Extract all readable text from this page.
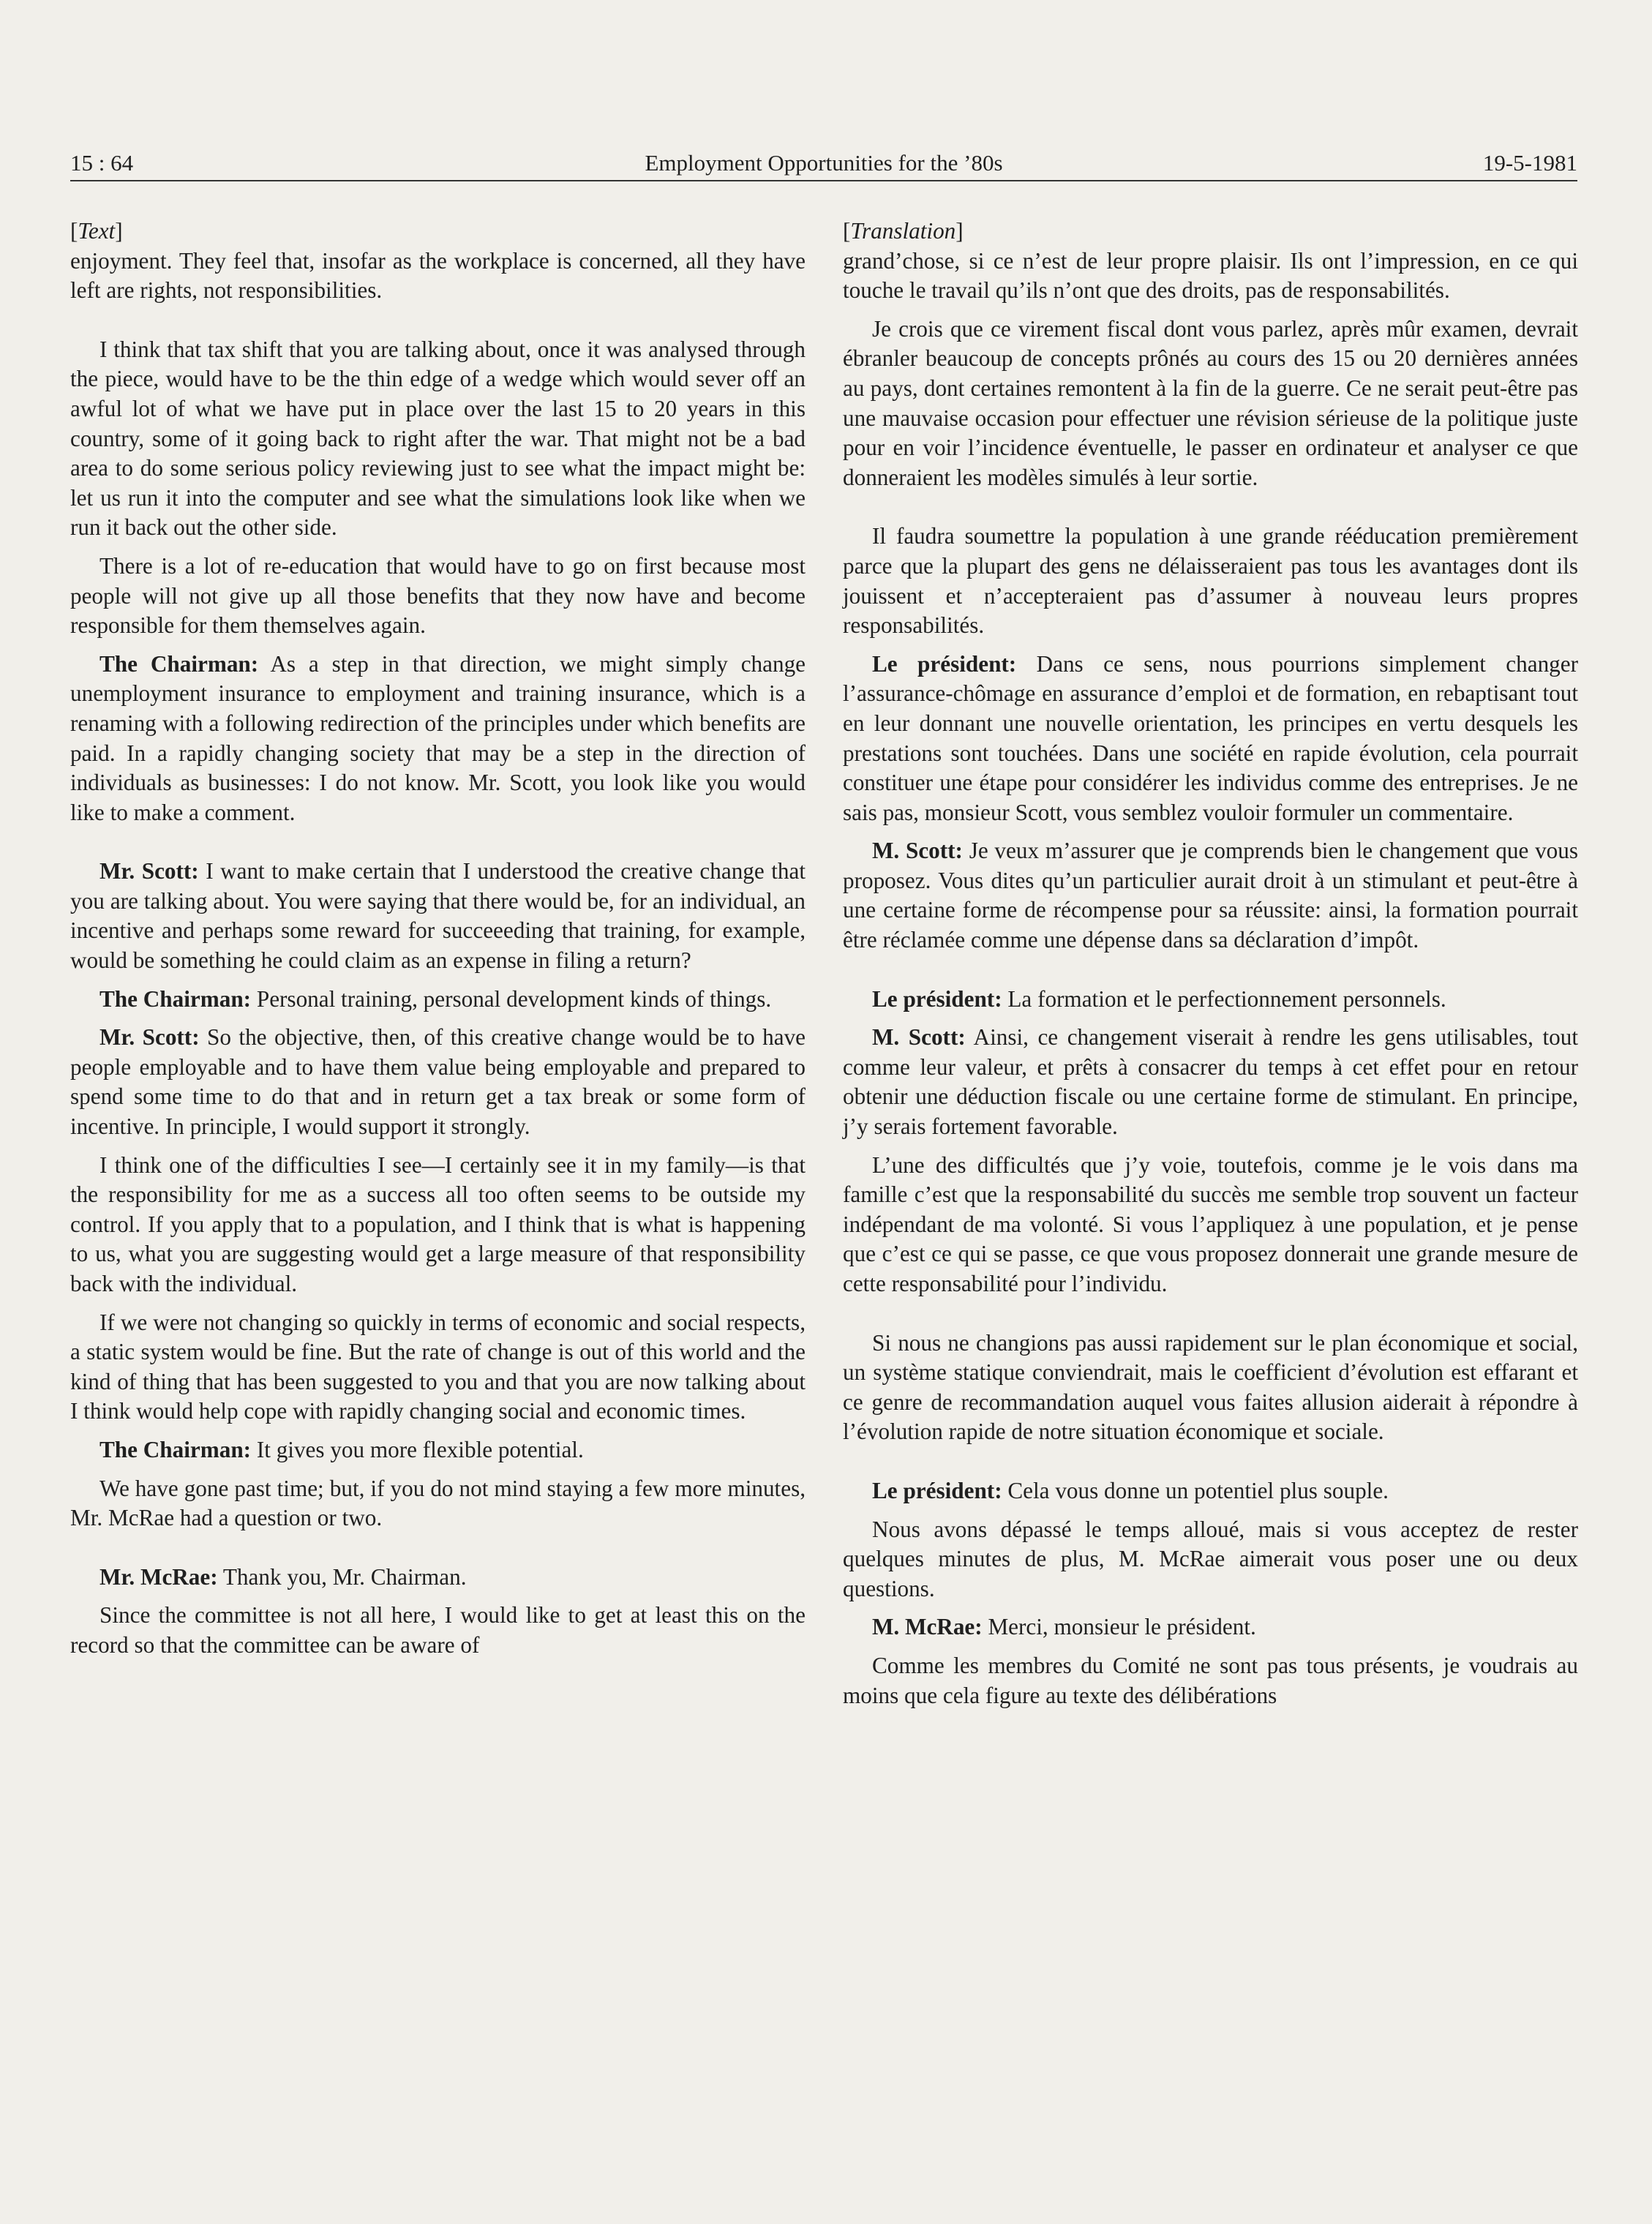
15 : 64	Employment Opportunities for the ’80s	19-5-1981

[Text]

enjoyment. They feel that, insofar as the workplace is concerned, all they have left are rights, not responsibilities.

I think that tax shift that you are talking about, once it was analysed through the piece, would have to be the thin edge of a wedge which would sever off an awful lot of what we have put in place over the last 15 to 20 years in this country, some of it going back to right after the war. That might not be a bad area to do some serious policy reviewing just to see what the impact might be: let us run it into the computer and see what the simulations look like when we run it back out the other side.

There is a lot of re-education that would have to go on first because most people will not give up all those benefits that they now have and become responsible for them themselves again.

The Chairman: As a step in that direction, we might simply change unemployment insurance to employment and training insurance, which is a renaming with a following redirection of the principles under which benefits are paid. In a rapidly changing society that may be a step in the direction of individuals as businesses: I do not know. Mr. Scott, you look like you would like to make a comment.

Mr. Scott: I want to make certain that I understood the creative change that you are talking about. You were saying that there would be, for an individual, an incentive and perhaps some reward for succeeeding that training, for example, would be something he could claim as an expense in filing a return?

The Chairman: Personal training, personal development kinds of things.

Mr. Scott: So the objective, then, of this creative change would be to have people employable and to have them value being employable and prepared to spend some time to do that and in return get a tax break or some form of incentive. In principle, I would support it strongly.

I think one of the difficulties I see—I certainly see it in my family—is that the responsibility for me as a success all too often seems to be outside my control. If you apply that to a population, and I think that is what is happening to us, what you are suggesting would get a large measure of that responsibility back with the individual.

If we were not changing so quickly in terms of economic and social respects, a static system would be fine. But the rate of change is out of this world and the kind of thing that has been suggested to you and that you are now talking about I think would help cope with rapidly changing social and economic times.

The Chairman: It gives you more flexible potential.

We have gone past time; but, if you do not mind staying a few more minutes, Mr. McRae had a question or two.

Mr. McRae: Thank you, Mr. Chairman.

Since the committee is not all here, I would like to get at least this on the record so that the committee can be aware of

[Translation]

grand’chose, si ce n’est de leur propre plaisir. Ils ont l’impression, en ce qui touche le travail qu’ils n’ont que des droits, pas de responsabilités.

Je crois que ce virement fiscal dont vous parlez, après mûr examen, devrait ébranler beaucoup de concepts prônés au cours des 15 ou 20 dernières années au pays, dont certaines remontent à la fin de la guerre. Ce ne serait peut-être pas une mauvaise occasion pour effectuer une révision sérieuse de la politique juste pour en voir l’incidence éventuelle, le passer en ordinateur et analyser ce que donneraient les modèles simulés à leur sortie.

Il faudra soumettre la population à une grande rééducation premièrement parce que la plupart des gens ne délaisseraient pas tous les avantages dont ils jouissent et n’accepteraient pas d’assumer à nouveau leurs propres responsabilités.

Le président: Dans ce sens, nous pourrions simplement changer l’assurance-chômage en assurance d’emploi et de formation, en rebaptisant tout en leur donnant une nouvelle orientation, les principes en vertu desquels les prestations sont touchées. Dans une société en rapide évolution, cela pourrait constituer une étape pour considérer les individus comme des entreprises. Je ne sais pas, monsieur Scott, vous semblez vouloir formuler un commentaire.

M. Scott: Je veux m’assurer que je comprends bien le changement que vous proposez. Vous dites qu’un particulier aurait droit à un stimulant et peut-être à une certaine forme de récompense pour sa réussite: ainsi, la formation pourrait être réclamée comme une dépense dans sa déclaration d’impôt.

Le président: La formation et le perfectionnement personnels.

M. Scott: Ainsi, ce changement viserait à rendre les gens utilisables, tout comme leur valeur, et prêts à consacrer du temps à cet effet pour en retour obtenir une déduction fiscale ou une certaine forme de stimulant. En principe, j’y serais fortement favorable.

L’une des difficultés que j’y voie, toutefois, comme je le vois dans ma famille c’est que la responsabilité du succès me semble trop souvent un facteur indépendant de ma volonté. Si vous l’appliquez à une population, et je pense que c’est ce qui se passe, ce que vous proposez donnerait une grande mesure de cette responsabilité pour l’individu.

Si nous ne changions pas aussi rapidement sur le plan économique et social, un système statique conviendrait, mais le coefficient d’évolution est effarant et ce genre de recommandation auquel vous faites allusion aiderait à répondre à l’évolution rapide de notre situation économique et sociale.

Le président: Cela vous donne un potentiel plus souple.

Nous avons dépassé le temps alloué, mais si vous acceptez de rester quelques minutes de plus, M. McRae aimerait vous poser une ou deux questions.

M. McRae: Merci, monsieur le président.

Comme les membres du Comité ne sont pas tous présents, je voudrais au moins que cela figure au texte des délibérations
